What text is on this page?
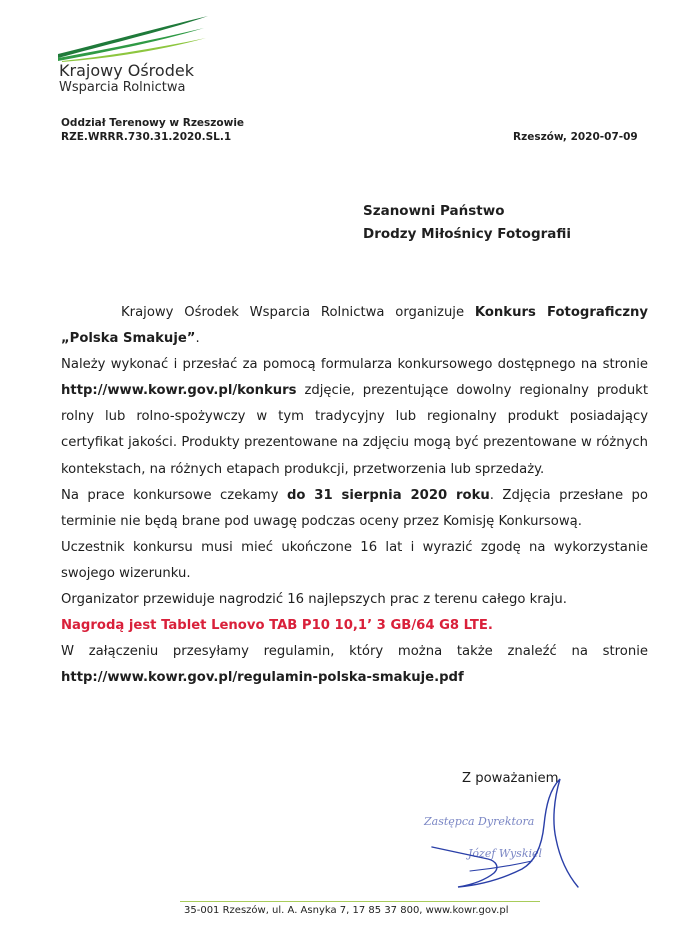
Krajowy Ośrodek
Wsparcia Rolnictwa
Oddział Terenowy w Rzeszowie
RZE.WRRR.730.31.2020.SL.1	Rzeszów, 2020-07-09
Szanowni Państwo
Drodzy Miłośnicy Fotografii

Krajowy Ośrodek Wsparcia Rolnictwa organizuje Konkurs Fotograficzny „Polska Smakuje”.

Należy wykonać i przesłać za pomocą formularza konkursowego dostępnego na stronie http://www.kowr.gov.pl/konkurs zdjęcie, prezentujące dowolny regionalny produkt rolny lub rolno-spożywczy w tym tradycyjny lub regionalny produkt posiadający certyfikat jakości. Produkty prezentowane na zdjęciu mogą być prezentowane w różnych kontekstach, na różnych etapach produkcji, przetworzenia lub sprzedaży.

Na prace konkursowe czekamy do 31 sierpnia 2020 roku. Zdjęcia przesłane po terminie nie będą brane pod uwagę podczas oceny przez Komisję Konkursową.

Uczestnik konkursu musi mieć ukończone 16 lat i wyrazić zgodę na wykorzystanie swojego wizerunku.

Organizator przewiduje nagrodzić 16 najlepszych prac z terenu całego kraju.

Nagrodą jest Tablet Lenovo TAB P10 10,1’ 3 GB/64 G8 LTE.

W załączeniu przesyłamy regulamin, który można także znaleźć na stronie

http://www.kowr.gov.pl/regulamin-polska-smakuje.pdf

Z poważaniem
Zastępca Dyrektora
Józef Wyskiel
35-001 Rzeszów, ul. A. Asnyka 7, 17 85 37 800, www.kowr.gov.pl
